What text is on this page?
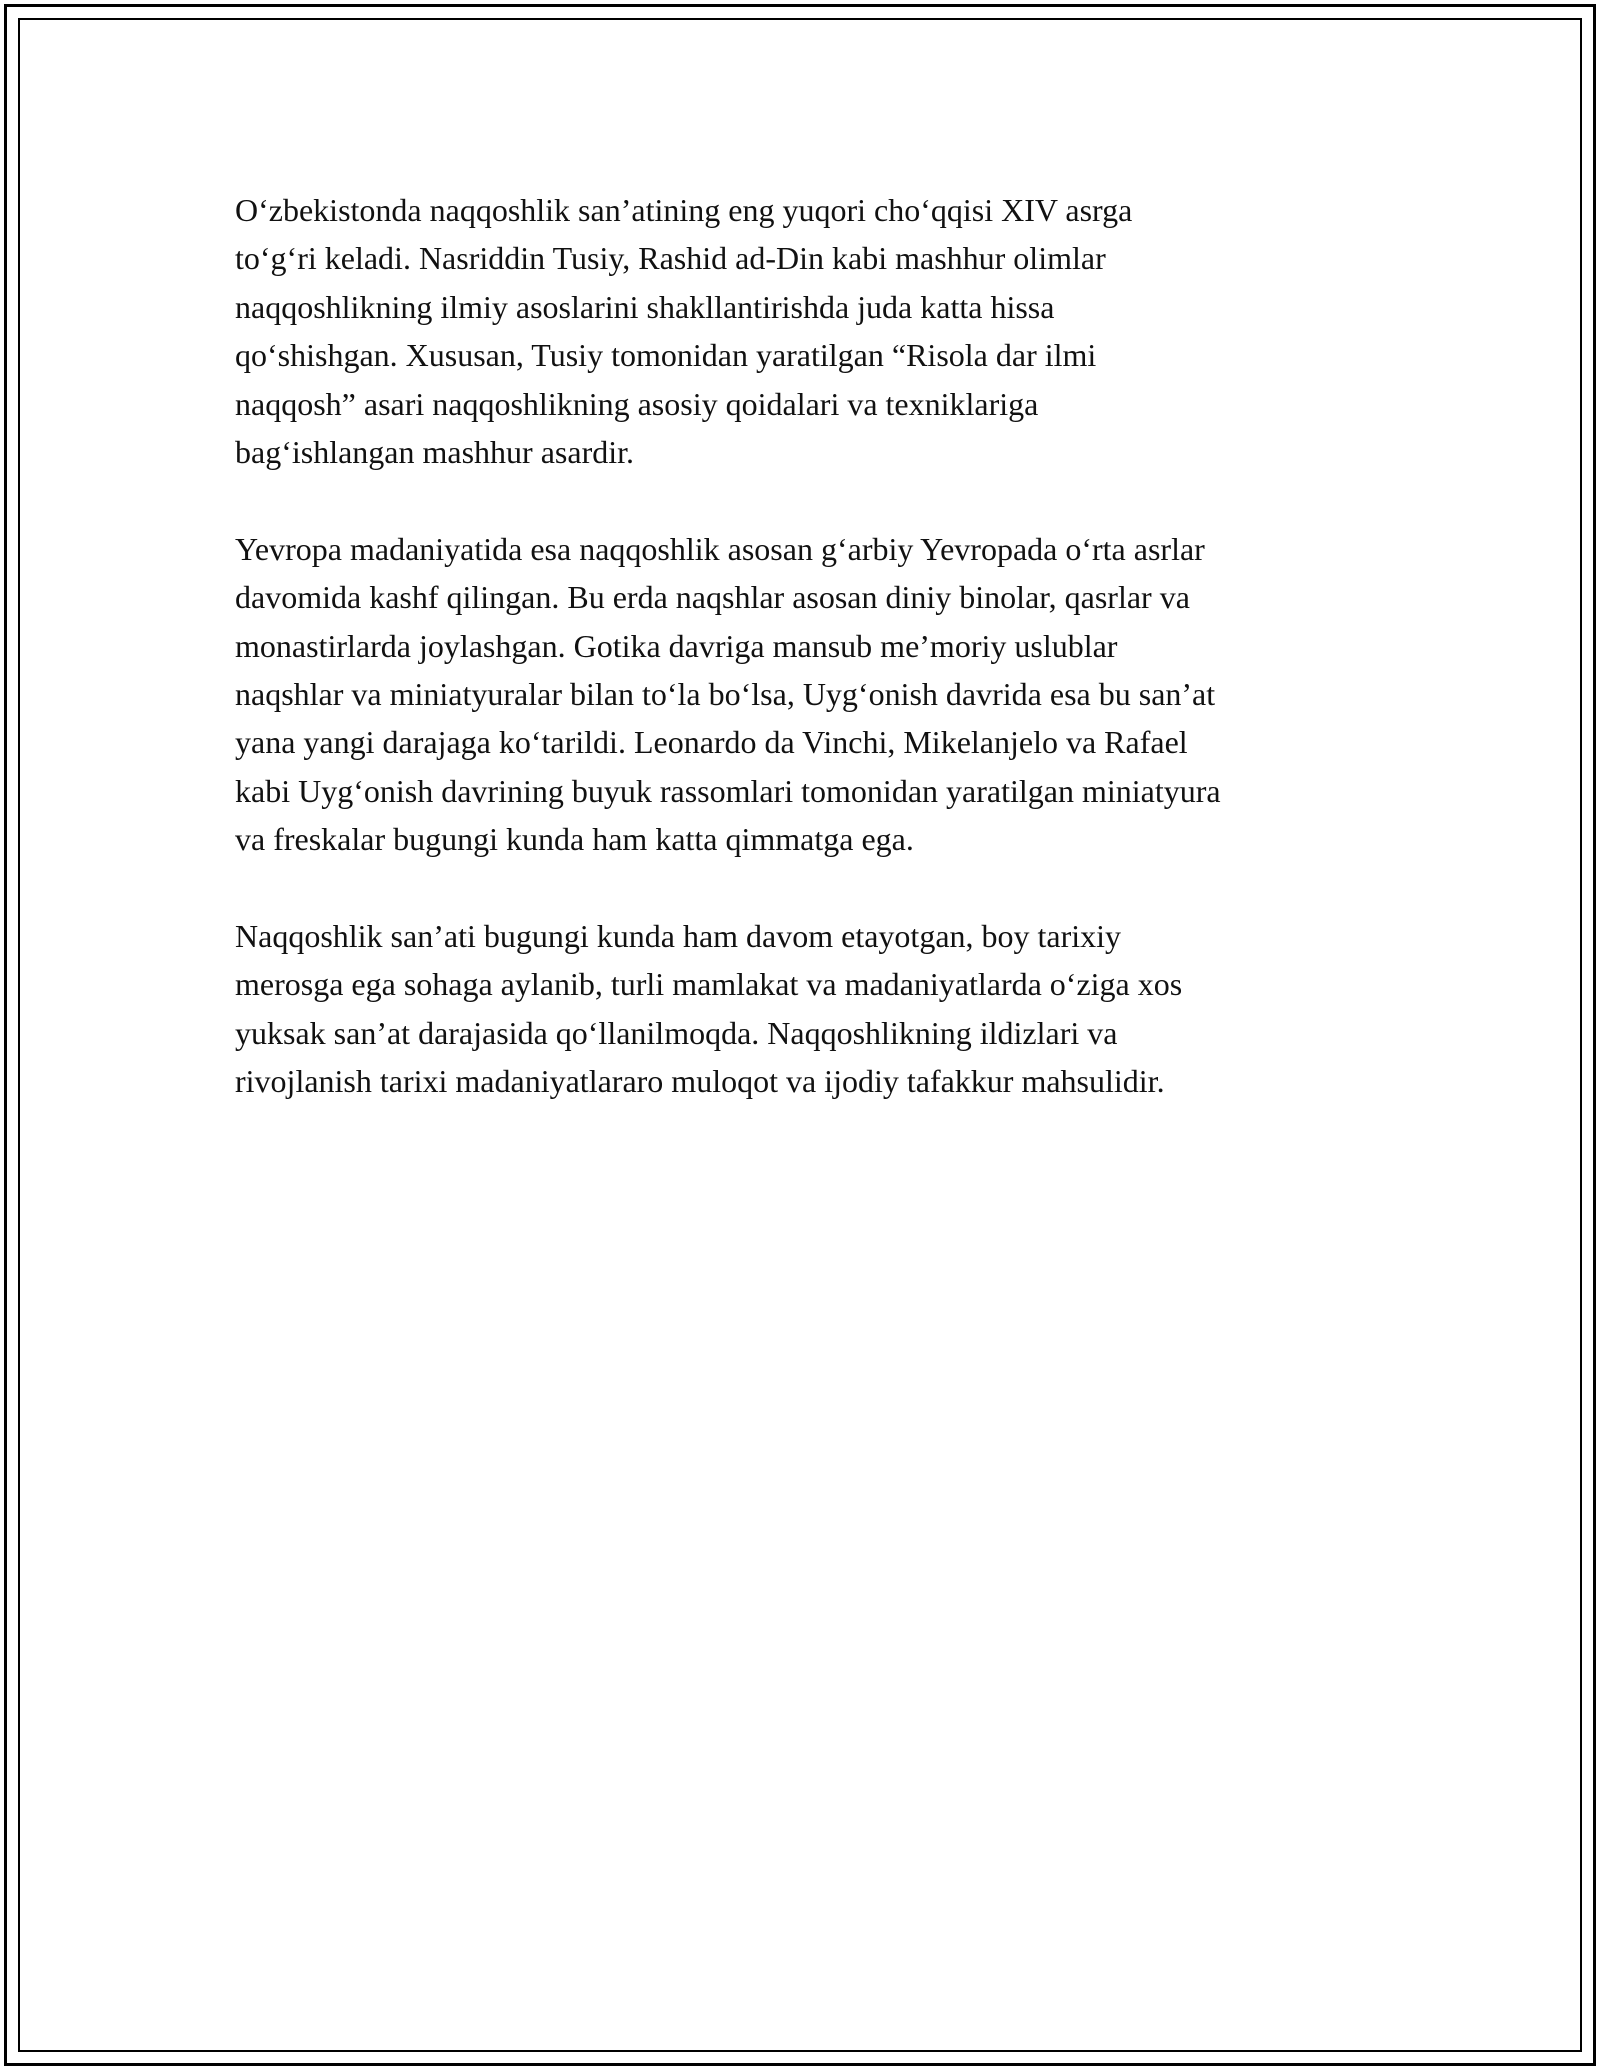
O‘zbekistonda naqqoshlik san’atining eng yuqori cho‘qqisi XIV asrga
to‘g‘ri keladi. Nasriddin Tusiy, Rashid ad-Din kabi mashhur olimlar
naqqoshlikning ilmiy asoslarini shakllantirishda juda katta hissa
qo‘shishgan. Xususan, Tusiy tomonidan yaratilgan “Risola dar ilmi
naqqosh” asari naqqoshlikning asosiy qoidalari va texniklariga
bag‘ishlangan mashhur asardir.

Yevropa madaniyatida esa naqqoshlik asosan g‘arbiy Yevropada o‘rta asrlar
davomida kashf qilingan. Bu erda naqshlar asosan diniy binolar, qasrlar va
monastirlarda joylashgan. Gotika davriga mansub me’moriy uslublar
naqshlar va miniatyuralar bilan to‘la bo‘lsa, Uyg‘onish davrida esa bu san’at
yana yangi darajaga ko‘tarildi. Leonardo da Vinchi, Mikelanjelo va Rafael
kabi Uyg‘onish davrining buyuk rassomlari tomonidan yaratilgan miniatyura
va freskalar bugungi kunda ham katta qimmatga ega.

Naqqoshlik san’ati bugungi kunda ham davom etayotgan, boy tarixiy
merosga ega sohaga aylanib, turli mamlakat va madaniyatlarda o‘ziga xos
yuksak san’at darajasida qo‘llanilmoqda. Naqqoshlikning ildizlari va
rivojlanish tarixi madaniyatlararo muloqot va ijodiy tafakkur mahsulidir.
